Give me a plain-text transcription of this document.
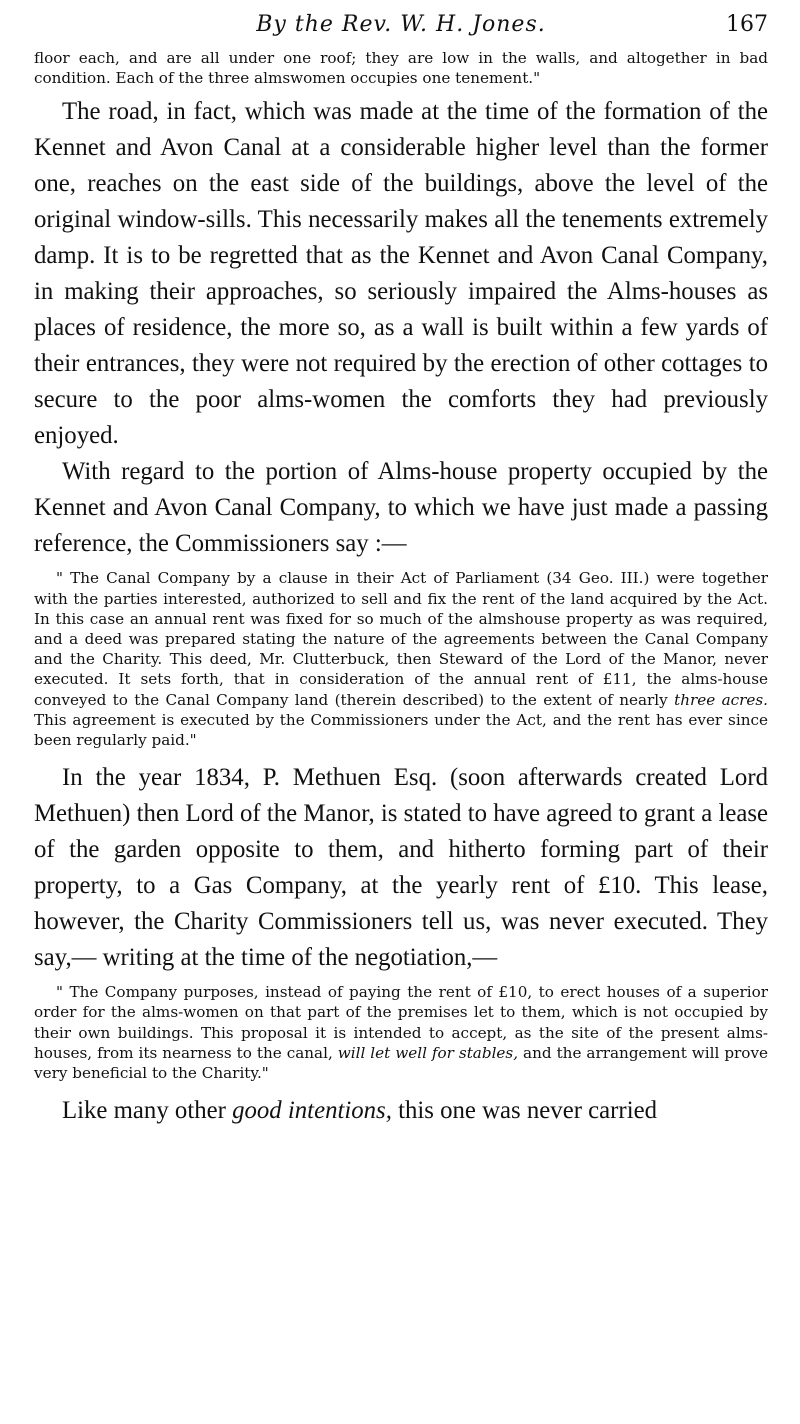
By the Rev. W. H. Jones.	167

floor each, and are all under one roof; they are low in the walls, and altogether in bad condition. Each of the three almswomen occupies one tenement."

The road, in fact, which was made at the time of the formation of the Kennet and Avon Canal at a considerable higher level than the former one, reaches on the east side of the buildings, above the level of the original window-sills. This necessarily makes all the tenements extremely damp. It is to be regretted that as the Kennet and Avon Canal Company, in making their approaches, so seriously impaired the Alms-houses as places of residence, the more so, as a wall is built within a few yards of their entrances, they were not required by the erection of other cottages to secure to the poor alms-women the comforts they had previously enjoyed.

With regard to the portion of Alms-house property occupied by the Kennet and Avon Canal Company, to which we have just made a passing reference, the Commissioners say :—

" The Canal Company by a clause in their Act of Parliament (34 Geo. III.) were together with the parties interested, authorized to sell and fix the rent of the land acquired by the Act. In this case an annual rent was fixed for so much of the almshouse property as was required, and a deed was prepared stating the nature of the agreements between the Canal Company and the Charity. This deed, Mr. Clutterbuck, then Steward of the Lord of the Manor, never executed. It sets forth, that in consideration of the annual rent of £11, the alms-house conveyed to the Canal Company land (therein described) to the extent of nearly three acres. This agreement is executed by the Commissioners under the Act, and the rent has ever since been regularly paid."

In the year 1834, P. Methuen Esq. (soon afterwards created Lord Methuen) then Lord of the Manor, is stated to have agreed to grant a lease of the garden opposite to them, and hitherto forming part of their property, to a Gas Company, at the yearly rent of £10. This lease, however, the Charity Commissioners tell us, was never executed. They say,— writing at the time of the negotiation,—

" The Company purposes, instead of paying the rent of £10, to erect houses of a superior order for the alms-women on that part of the premises let to them, which is not occupied by their own buildings. This proposal it is intended to accept, as the site of the present alms-houses, from its nearness to the canal, will let well for stables, and the arrangement will prove very beneficial to the Charity."

Like many other good intentions, this one was never carried
